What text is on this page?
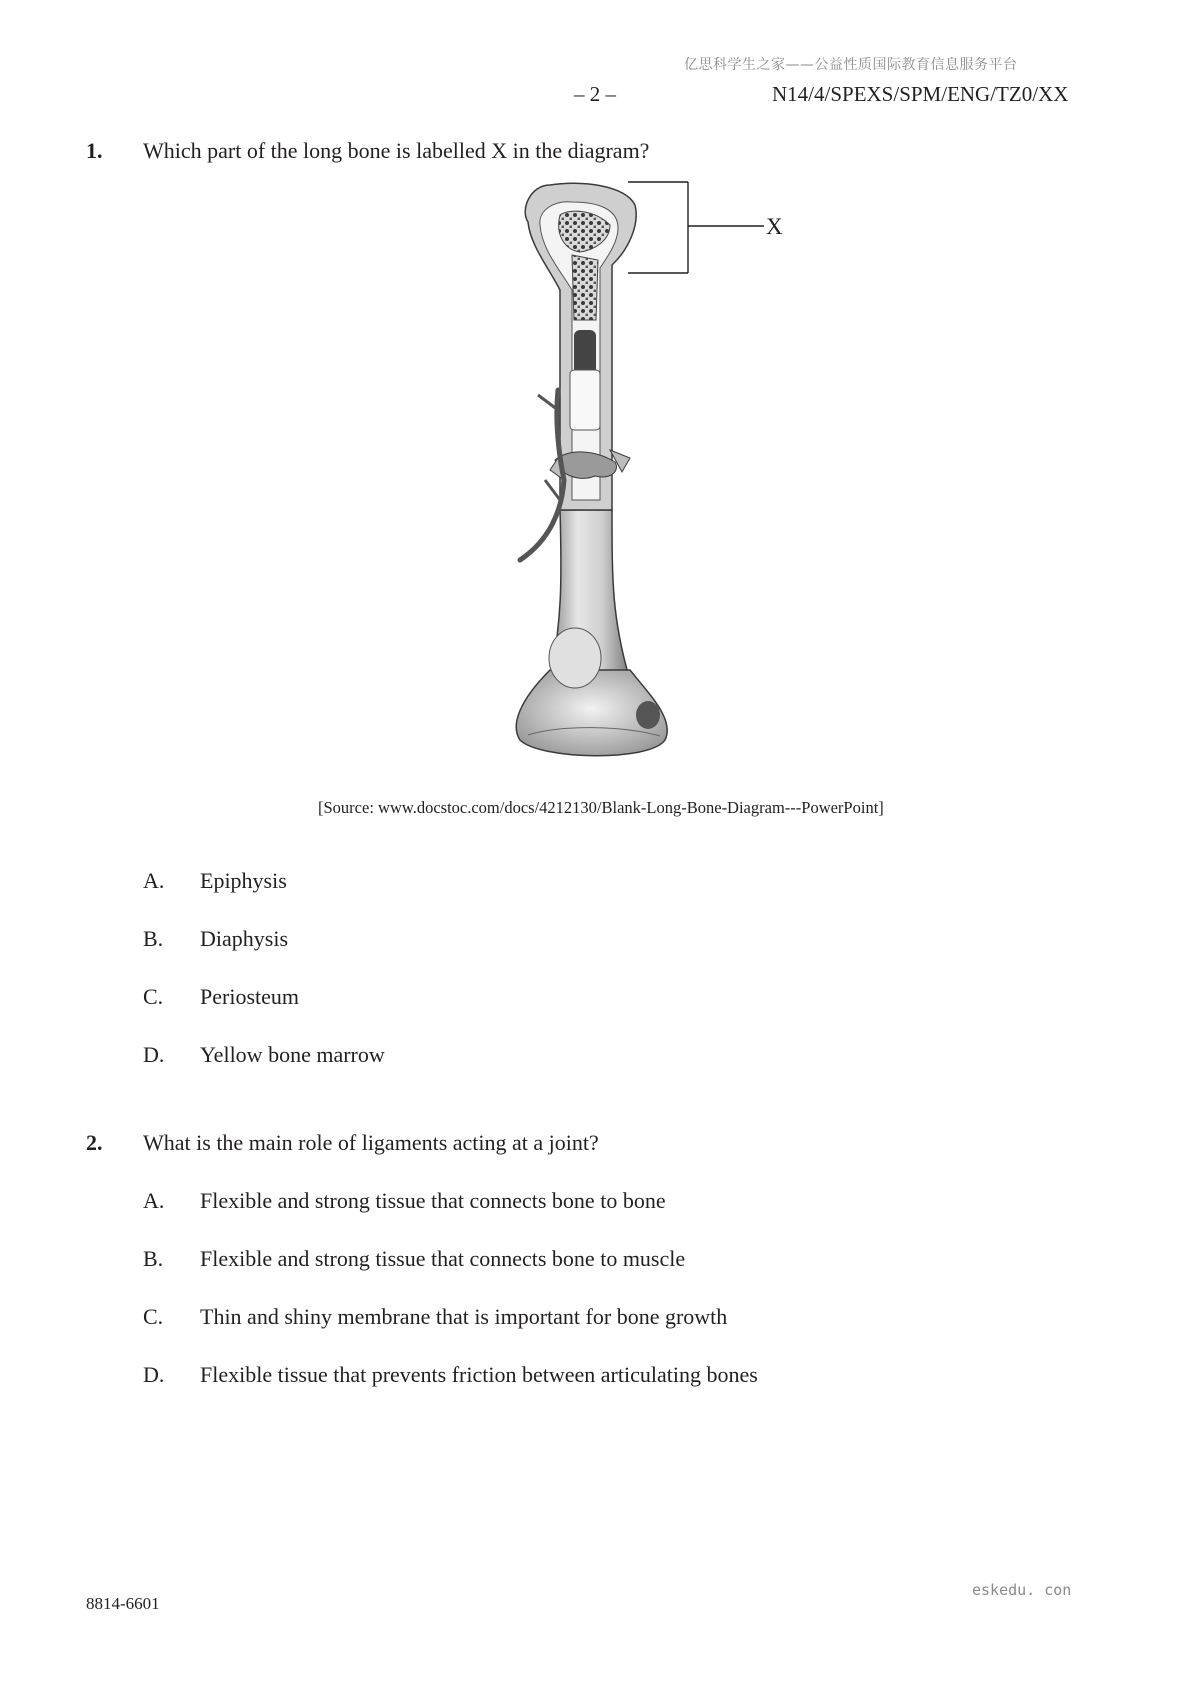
亿思科学生之家——公益性质国际教育信息服务平台
– 2 –	N14/4/SPEXS/SPM/ENG/TZ0/XX
1. Which part of the long bone is labelled X in the diagram?
X
[Source: www.docstoc.com/docs/4212130/Blank-Long-Bone-Diagram---PowerPoint]
A. Epiphysis
B. Diaphysis
C. Periosteum
D. Yellow bone marrow
2. What is the main role of ligaments acting at a joint?
A. Flexible and strong tissue that connects bone to bone
B. Flexible and strong tissue that connects bone to muscle
C. Thin and shiny membrane that is important for bone growth
D. Flexible tissue that prevents friction between articulating bones
eskedu. con
8814-6601
